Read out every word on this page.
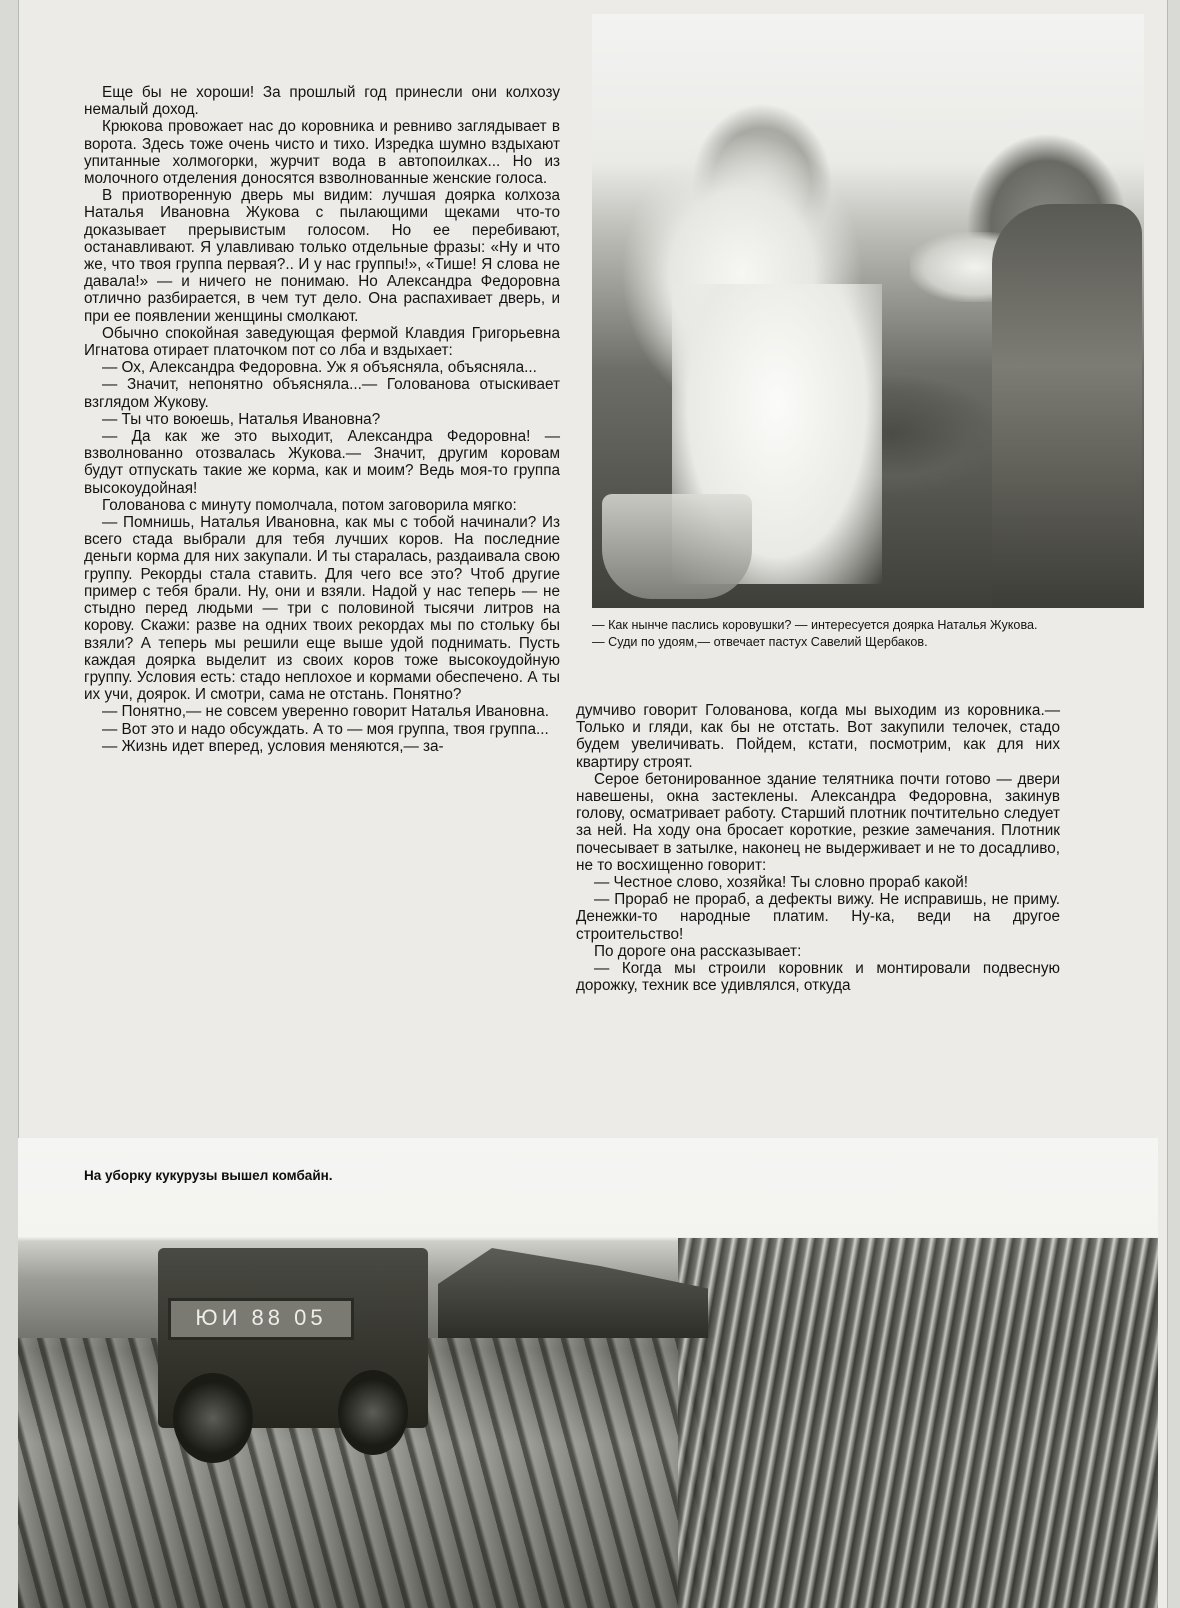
Еще бы не хороши! За прошлый год принесли они колхозу немалый доход.

Крюкова провожает нас до коровника и ревниво заглядывает в ворота. Здесь тоже очень чисто и тихо. Изредка шумно вздыхают упитанные холмогорки, журчит вода в автопоилках... Но из молочного отделения доносятся взволнованные женские голоса.

В приотворенную дверь мы видим: лучшая доярка колхоза Наталья Ивановна Жукова с пылающими щеками что-то доказывает прерывистым голосом. Но ее перебивают, останавливают. Я улавливаю только отдельные фразы: «Ну и что же, что твоя группа первая?.. И у нас группы!», «Тише! Я слова не давала!» — и ничего не понимаю. Но Александра Федоровна отлично разбирается, в чем тут дело. Она распахивает дверь, и при ее появлении женщины смолкают.

Обычно спокойная заведующая фермой Клавдия Григорьевна Игнатова отирает платочком пот со лба и вздыхает:

— Ох, Александра Федоровна. Уж я объясняла, объясняла...

— Значит, непонятно объясняла...— Голованова отыскивает взглядом Жукову.

— Ты что воюешь, Наталья Ивановна?

— Да как же это выходит, Александра Федоровна! — взволнованно отозвалась Жукова.— Значит, другим коровам будут отпускать такие же корма, как и моим? Ведь моя-то группа высокоудойная!

Голованова с минуту помолчала, потом заговорила мягко:

— Помнишь, Наталья Ивановна, как мы с тобой начинали? Из всего стада выбрали для тебя лучших коров. На последние деньги корма для них закупали. И ты старалась, раздаивала свою группу. Рекорды стала ставить. Для чего все это? Чтоб другие пример с тебя брали. Ну, они и взяли. Надой у нас теперь — не стыдно перед людьми — три с половиной тысячи литров на корову. Скажи: разве на одних твоих рекордах мы по стольку бы взяли? А теперь мы решили еще выше удой поднимать. Пусть каждая доярка выделит из своих коров тоже высокоудойную группу. Условия есть: стадо неплохое и кормами обеспечено. А ты их учи, доярок. И смотри, сама не отстань. Понятно?

— Понятно,— не совсем уверенно говорит Наталья Ивановна.

— Вот это и надо обсуждать. А то — моя группа, твоя группа...

— Жизнь идет вперед, условия меняются,— за-

— Как нынче паслись коровушки? — интересуется доярка Наталья Жукова.

— Суди по удоям,— отвечает пастух Савелий Щербаков.

думчиво говорит Голованова, когда мы выходим из коровника.— Только и гляди, как бы не отстать. Вот закупили телочек, стадо будем увеличивать. Пойдем, кстати, посмотрим, как для них квартиру строят.

Серое бетонированное здание телятника почти готово — двери навешены, окна застеклены. Александра Федоровна, закинув голову, осматривает работу. Старший плотник почтительно следует за ней. На ходу она бросает короткие, резкие замечания. Плотник почесывает в затылке, наконец не выдерживает и не то досадливо, не то восхищенно говорит:

— Честное слово, хозяйка! Ты словно прораб какой!

— Прораб не прораб, а дефекты вижу. Не исправишь, не приму. Денежки-то народные платим. Ну-ка, веди на другое строительство!

По дороге она рассказывает:

— Когда мы строили коровник и монтировали подвесную дорожку, техник все удивлялся, откуда

ЮИ 88 05
На уборку кукурузы вышел комбайн.
